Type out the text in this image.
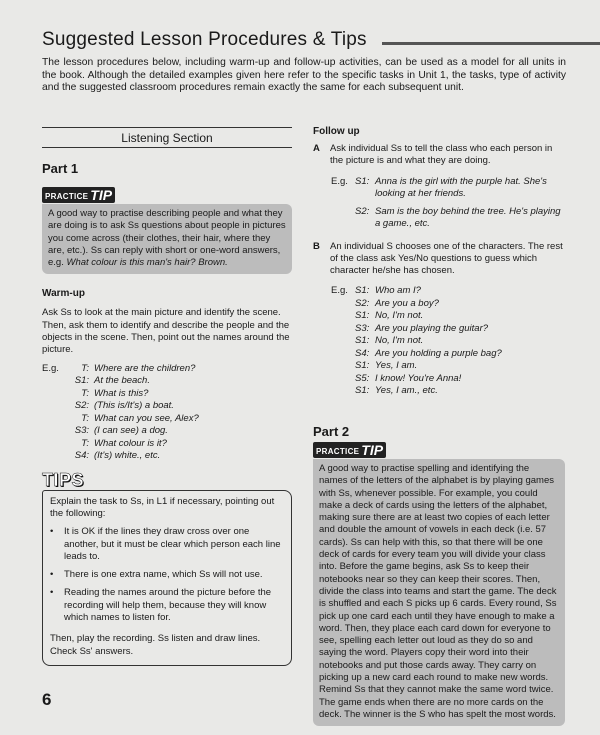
Suggested Lesson Procedures & Tips

The lesson procedures below, including warm-up and follow-up activities, can be used as a model for all units in the book. Although the detailed examples given here refer to the specific tasks in Unit 1, the tasks, type of activity and the suggested classroom procedures remain exactly the same for each subsequent unit.

Listening Section
Part 1
PRACTICE TIP
A good way to practise describing people and what they are doing is to ask Ss questions about people in pictures you come across (their clothes, their hair, where they are, etc.). Ss can reply with short or one-word answers, e.g. What colour is this man's hair? Brown.
Warm-up

Ask Ss to look at the main picture and identify the scene. Then, ask them to identify and describe the people and the objects in the scene. Then, point out the names around the picture.

E.g.	T: Where are the children?
S1: At the beach.
T: What is this?
S2: (This is/It's) a boat.
T: What can you see, Alex?
S3: (I can see) a dog.
T: What colour is it?
S4: (It's) white., etc.
TIPS

Explain the task to Ss, in L1 if necessary, pointing out the following:

•	It is OK if the lines they draw cross over one another, but it must be clear which person each line leads to.
•	There is one extra name, which Ss will not use.
•	Reading the names around the picture before the recording will help them, because they will know which names to listen for.

Then, play the recording. Ss listen and draw lines. Check Ss' answers.

Follow up
A	Ask individual Ss to tell the class who each person in the picture is and what they are doing.
E.g. S1: Anna is the girl with the purple hat. She's looking at her friends.
S2: Sam is the boy behind the tree. He's playing a game., etc.
B	An individual S chooses one of the characters. The rest of the class ask Yes/No questions to guess which character he/she has chosen.
E.g. S1: Who am I?
S2: Are you a boy?
S1: No, I'm not.
S3: Are you playing the guitar?
S1: No, I'm not.
S4: Are you holding a purple bag?
S1: Yes, I am.
S5: I know! You're Anna!
S1: Yes, I am., etc.
Part 2
PRACTICE TIP
A good way to practise spelling and identifying the names of the letters of the alphabet is by playing games with Ss, whenever possible. For example, you could make a deck of cards using the letters of the alphabet, making sure there are at least two copies of each letter and double the amount of vowels in each deck (i.e. 57 cards). Ss can help with this, so that there will be one deck of cards for every team you will divide your class into. Before the game begins, ask Ss to keep their notebooks near so they can keep their scores. Then, divide the class into teams and start the game. The deck is shuffled and each S picks up 6 cards. Every round, Ss pick up one card each until they have enough to make a word. Then, they place each card down for everyone to see, spelling each letter out loud as they do so and saying the word. Players copy their word into their notebooks and put those cards away. They carry on picking up a new card each round to make new words. Remind Ss that they cannot make the same word twice. The game ends when there are no more cards on the deck. The winner is the S who has spelt the most words.
6
